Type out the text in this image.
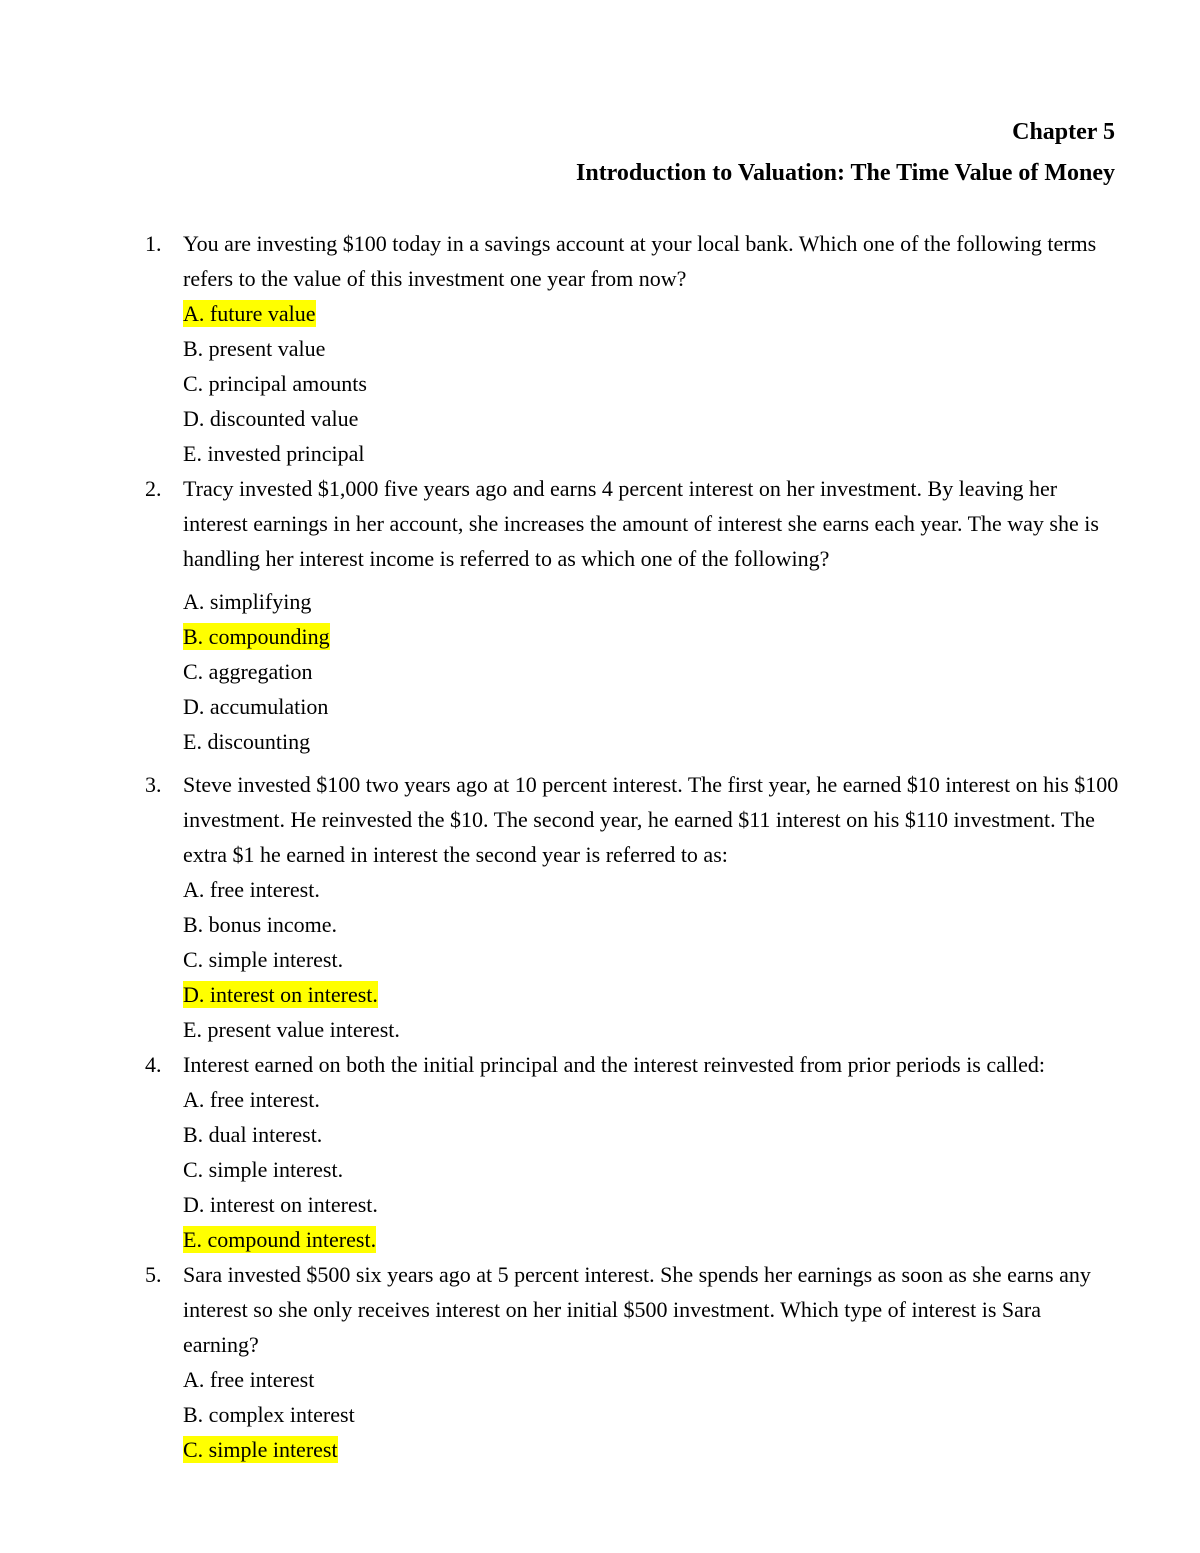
Chapter 5
Introduction to Valuation: The Time Value of Money
1. You are investing $100 today in a savings account at your local bank. Which one of the following terms refers to the value of this investment one year from now?
A. future value
B. present value
C. principal amounts
D. discounted value
E. invested principal
2. Tracy invested $1,000 five years ago and earns 4 percent interest on her investment. By leaving her interest earnings in her account, she increases the amount of interest she earns each year. The way she is handling her interest income is referred to as which one of the following?
A. simplifying
B. compounding
C. aggregation
D. accumulation
E. discounting
3. Steve invested $100 two years ago at 10 percent interest. The first year, he earned $10 interest on his $100 investment. He reinvested the $10. The second year, he earned $11 interest on his $110 investment. The extra $1 he earned in interest the second year is referred to as:
A. free interest.
B. bonus income.
C. simple interest.
D. interest on interest.
E. present value interest.
4. Interest earned on both the initial principal and the interest reinvested from prior periods is called:
A. free interest.
B. dual interest.
C. simple interest.
D. interest on interest.
E. compound interest.
5. Sara invested $500 six years ago at 5 percent interest. She spends her earnings as soon as she earns any interest so she only receives interest on her initial $500 investment. Which type of interest is Sara earning?
A. free interest
B. complex interest
C. simple interest
